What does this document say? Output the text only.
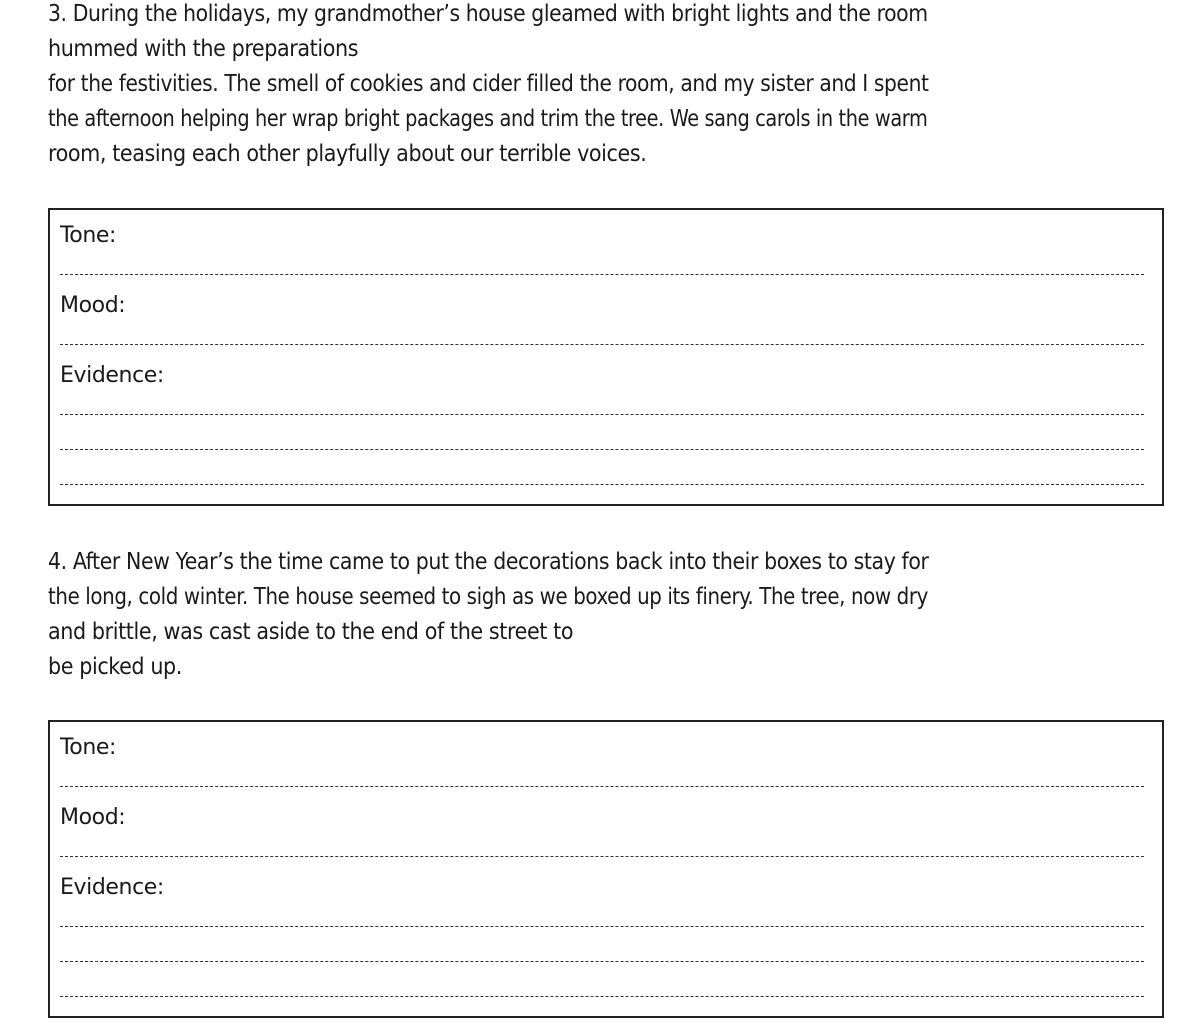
3. During the holidays, my grandmother’s house gleamed with bright lights and the room
hummed with the preparations
for the festivities. The smell of cookies and cider filled the room, and my sister and I spent
the afternoon helping her wrap bright packages and trim the tree. We sang carols in the warm
room, teasing each other playfully about our terrible voices.
Tone:
Mood:
Evidence:
4. After New Year’s the time came to put the decorations back into their boxes to stay for
the long, cold winter. The house seemed to sigh as we boxed up its finery. The tree, now dry
and brittle, was cast aside to the end of the street to
be picked up.
Tone:
Mood:
Evidence:
